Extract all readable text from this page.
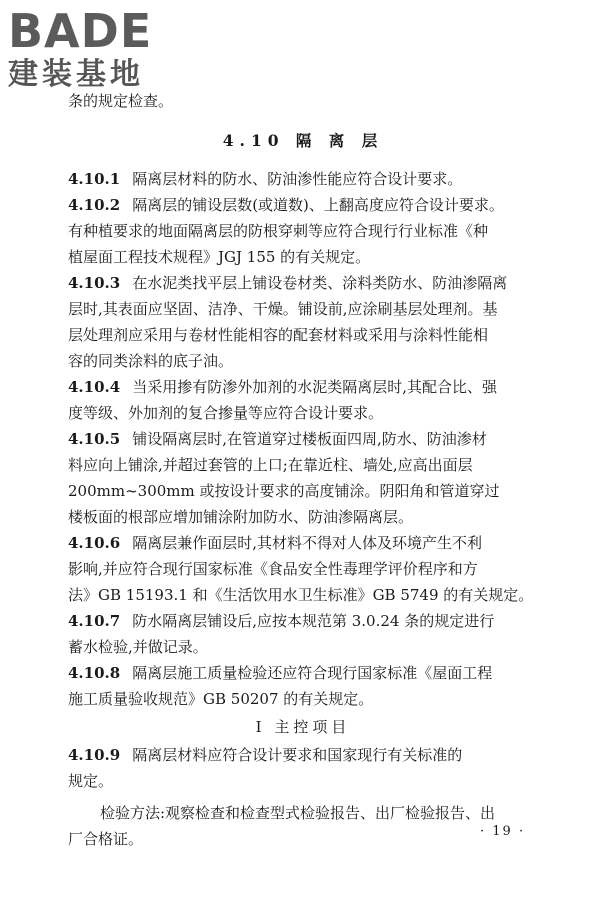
BADE
建装基地
条的规定检查。
4.10 隔 离 层
4.10.1 隔离层材料的防水、防油渗性能应符合设计要求。
4.10.2 隔离层的铺设层数(或道数)、上翻高度应符合设计要求。
有种植要求的地面隔离层的防根穿刺等应符合现行行业标准《种
植屋面工程技术规程》JGJ 155 的有关规定。
4.10.3 在水泥类找平层上铺设卷材类、涂料类防水、防油渗隔离
层时,其表面应坚固、洁净、干燥。铺设前,应涂刷基层处理剂。基
层处理剂应采用与卷材性能相容的配套材料或采用与涂料性能相
容的同类涂料的底子油。
4.10.4 当采用掺有防渗外加剂的水泥类隔离层时,其配合比、强
度等级、外加剂的复合掺量等应符合设计要求。
4.10.5 铺设隔离层时,在管道穿过楼板面四周,防水、防油渗材
料应向上铺涂,并超过套管的上口;在靠近柱、墙处,应高出面层
200mm~300mm 或按设计要求的高度铺涂。阴阳角和管道穿过
楼板面的根部应增加铺涂附加防水、防油渗隔离层。
4.10.6 隔离层兼作面层时,其材料不得对人体及环境产生不利
影响,并应符合现行国家标准《食品安全性毒理学评价程序和方
法》GB 15193.1 和《生活饮用水卫生标准》GB 5749 的有关规定。
4.10.7 防水隔离层铺设后,应按本规范第 3.0.24 条的规定进行
蓄水检验,并做记录。
4.10.8 隔离层施工质量检验还应符合现行国家标准《屋面工程
施工质量验收规范》GB 50207 的有关规定。
Ⅰ 主控项目
4.10.9 隔离层材料应符合设计要求和国家现行有关标准的
规定。
检验方法:观察检查和检查型式检验报告、出厂检验报告、出
厂合格证。	· 19 ·
